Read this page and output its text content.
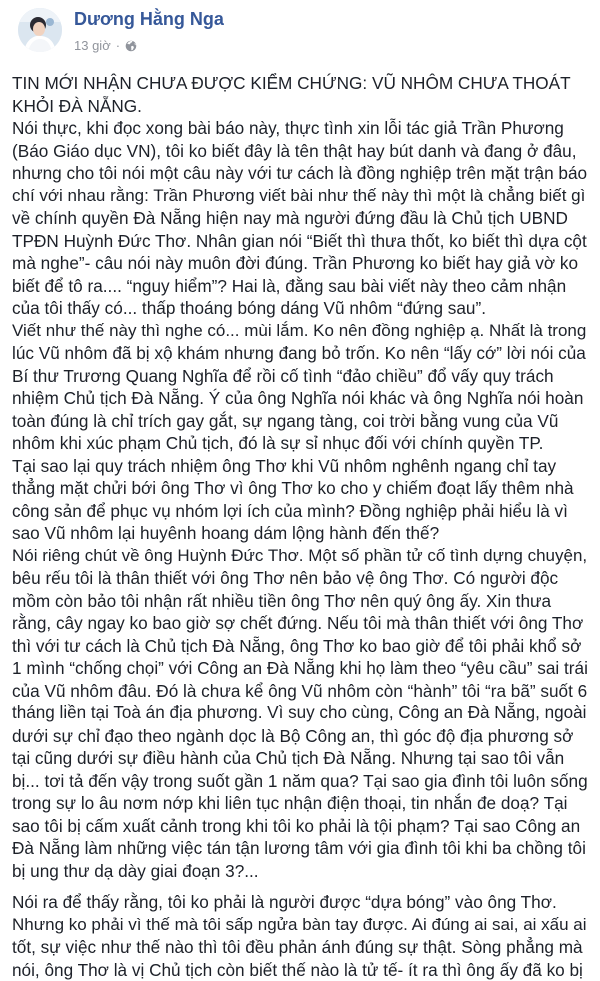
Dương Hằng Nga
13 giờ ·
TIN MỚI NHẬN CHƯA ĐƯỢC KIỂM CHỨNG: VŨ NHÔM CHƯA THOÁT
KHỎI ĐÀ NẴNG.
Nói thực, khi đọc xong bài báo này, thực tình xin lỗi tác giả Trần Phương
(Báo Giáo dục VN), tôi ko biết đây là tên thật hay bút danh và đang ở đâu,
nhưng cho tôi nói một câu này với tư cách là đồng nghiệp trên mặt trận báo
chí với nhau rằng: Trần Phương viết bài như thế này thì một là chẳng biết gì
về chính quyền Đà Nẵng hiện nay mà người đứng đầu là Chủ tịch UBND
TPĐN Huỳnh Đức Thơ. Nhân gian nói “Biết thì thưa thốt, ko biết thì dựa cột
mà nghe”- câu nói này muôn đời đúng. Trần Phương ko biết hay giả vờ ko
biết để tô ra.... “nguy hiểm”? Hai là, đằng sau bài viết này theo cảm nhận
của tôi thấy có... thấp thoáng bóng dáng Vũ nhôm “đứng sau”.
Viết như thế này thì nghe có... mùi lắm. Ko nên đồng nghiệp ạ. Nhất là trong
lúc Vũ nhôm đã bị xộ khám nhưng đang bỏ trốn. Ko nên “lấy cớ” lời nói của
Bí thư Trương Quang Nghĩa để rồi cố tình “đảo chiều” đổ vấy quy trách
nhiệm Chủ tịch Đà Nẵng. Ý của ông Nghĩa nói khác và ông Nghĩa nói hoàn
toàn đúng là chỉ trích gay gắt, sự ngang tàng, coi trời bằng vung của Vũ
nhôm khi xúc phạm Chủ tịch, đó là sự sỉ nhục đối với chính quyền TP.
Tại sao lại quy trách nhiệm ông Thơ khi Vũ nhôm nghênh ngang chỉ tay
thẳng mặt chửi bới ông Thơ vì ông Thơ ko cho y chiếm đoạt lấy thêm nhà
công sản để phục vụ nhóm lợi ích của mình? Đồng nghiệp phải hiểu là vì
sao Vũ nhôm lại huyênh hoang dám lộng hành đến thế?
Nói riêng chút về ông Huỳnh Đức Thơ. Một số phần tử cố tình dựng chuyện,
bêu rếu tôi là thân thiết với ông Thơ nên bảo vệ ông Thơ. Có người độc
mồm còn bảo tôi nhận rất nhiều tiền ông Thơ nên quý ông ấy. Xin thưa
rằng, cây ngay ko bao giờ sợ chết đứng. Nếu tôi mà thân thiết với ông Thơ
thì với tư cách là Chủ tịch Đà Nẵng, ông Thơ ko bao giờ để tôi phải khổ sở
1 mình “chống chọi” với Công an Đà Nẵng khi họ làm theo “yêu cầu” sai trái
của Vũ nhôm đâu. Đó là chưa kể ông Vũ nhôm còn “hành” tôi “ra bã” suốt 6
tháng liền tại Toà án địa phương. Vì suy cho cùng, Công an Đà Nẵng, ngoài
dưới sự chỉ đạo theo ngành dọc là Bộ Công an, thì góc độ địa phương sở
tại cũng dưới sự điều hành của Chủ tịch Đà Nẵng. Nhưng tại sao tôi vẫn
bị... tơi tả đến vậy trong suốt gần 1 năm qua? Tại sao gia đình tôi luôn sống
trong sự lo âu nơm nớp khi liên tục nhận điện thoại, tin nhắn đe doạ? Tại
sao tôi bị cấm xuất cảnh trong khi tôi ko phải là tội phạm? Tại sao Công an
Đà Nẵng làm những việc tán tận lương tâm với gia đình tôi khi ba chồng tôi
bị ung thư dạ dày giai đoạn 3?...
Nói ra để thấy rằng, tôi ko phải là người được “dựa bóng” vào ông Thơ.
Nhưng ko phải vì thế mà tôi sấp ngửa bàn tay được. Ai đúng ai sai, ai xấu ai
tốt, sự việc như thế nào thì tôi đều phản ánh đúng sự thật. Sòng phẳng mà
nói, ông Thơ là vị Chủ tịch còn biết thế nào là tử tế- ít ra thì ông ấy đã ko bị
